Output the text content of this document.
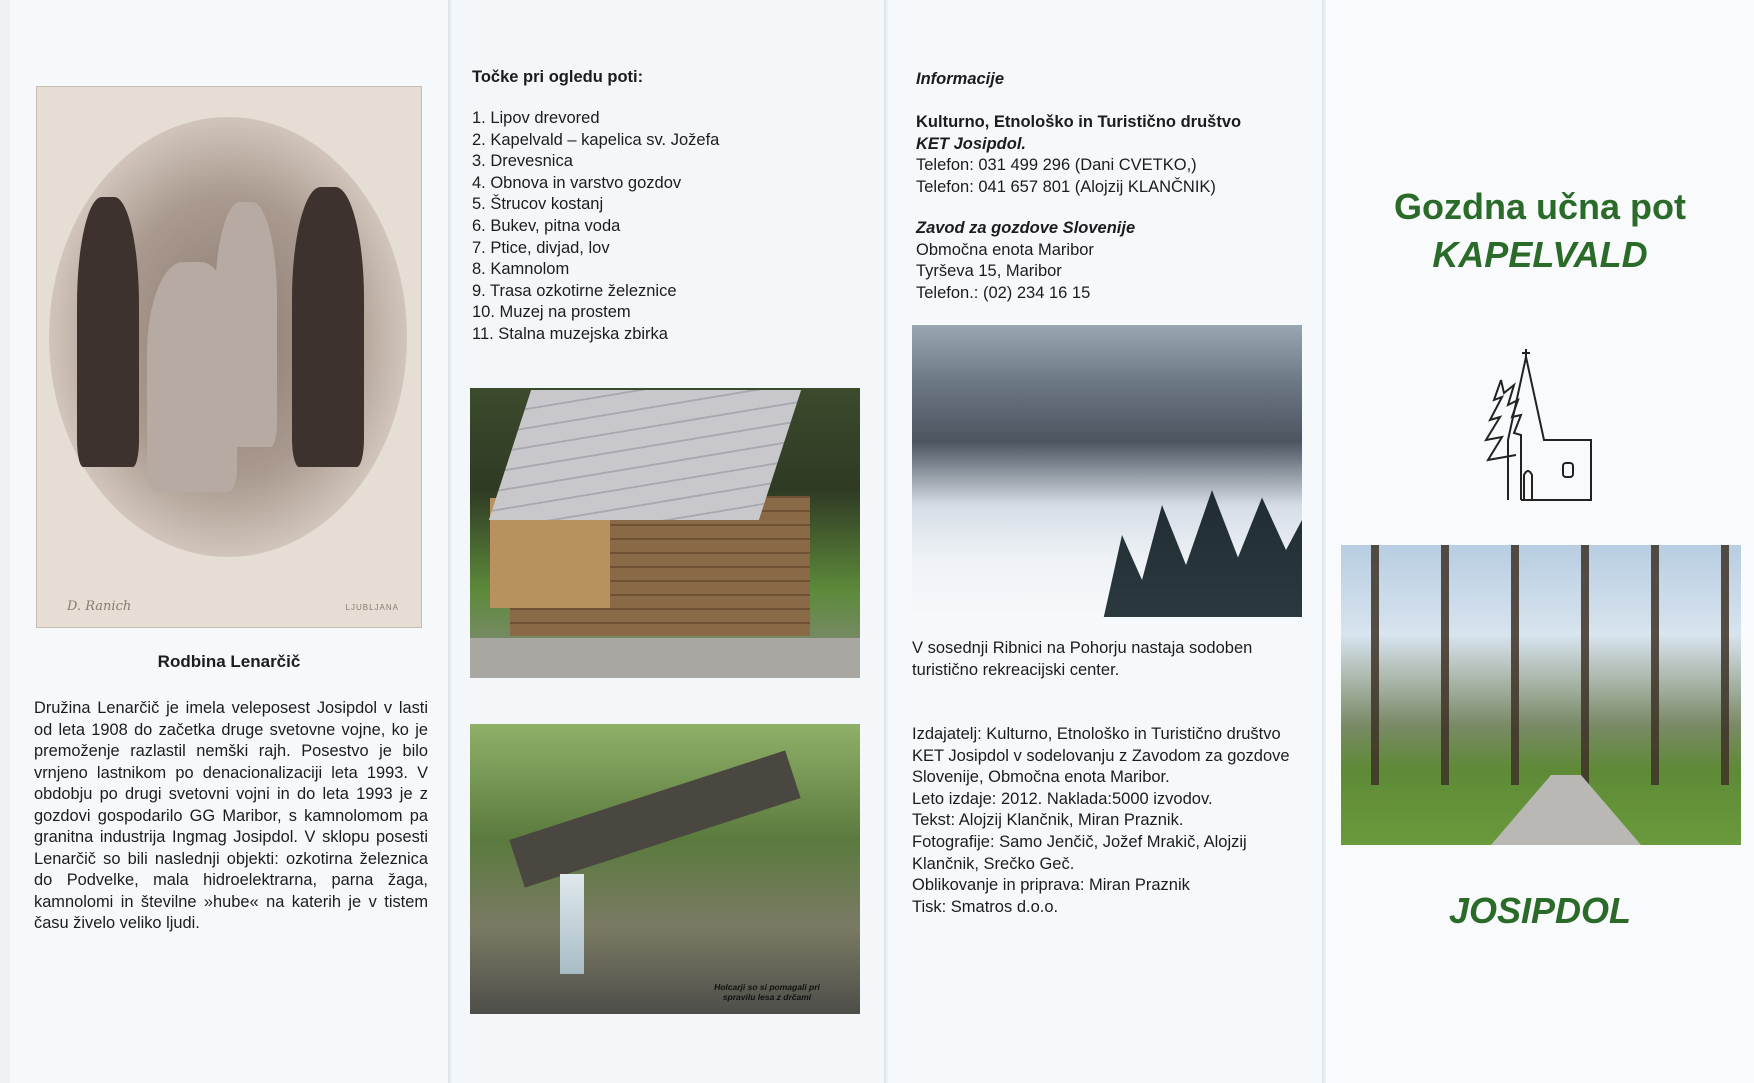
D. Ranich	LJUBLJANA
Rodbina Lenarčič
Družina Lenarčič je imela veleposest Josipdol v lasti od leta 1908 do začetka druge svetovne vojne, ko je premoženje razlastil nemški rajh. Posestvo je bilo vrnjeno lastnikom po denacionalizaciji leta 1993. V obdobju po drugi svetovni vojni in do leta 1993 je z gozdovi gospodarilo GG Maribor, s kamnolomom pa granitna industrija Ingmag Josipdol. V sklopu posesti Lenarčič so bili naslednji objekti: ozkotirna železnica do Podvelke, mala hidroelektrarna, parna žaga, kamnolomi in številne »hube« na katerih je v tistem času živelo veliko ljudi.
Točke pri ogledu poti:
1. Lipov drevored
2. Kapelvald – kapelica sv. Jožefa
3. Drevesnica
4. Obnova in varstvo gozdov
5. Štrucov kostanj
6. Bukev, pitna voda
7. Ptice, divjad, lov
8. Kamnolom
9. Trasa ozkotirne železnice
10. Muzej na prostem
11. Stalna muzejska zbirka
Holcarji so si pomagali pri
spravilu lesa z drčami
Informacije
Kulturno, Etnološko in Turistično društvo
KET Josipdol.
Telefon: 031 499 296 (Dani CVETKO,)
Telefon: 041 657 801 (Alojzij KLANČNIK)
Zavod za gozdove Slovenije
Območna enota Maribor
Tyrševa 15, Maribor
Telefon.: (02) 234 16 15
V sosednji Ribnici na Pohorju nastaja sodoben turistično rekreacijski center.
Izdajatelj: Kulturno, Etnološko in Turistično društvo KET Josipdol v sodelovanju z Zavodom za gozdove Slovenije, Območna enota Maribor.
Leto izdaje: 2012. Naklada:5000 izvodov.
Tekst: Alojzij Klančnik, Miran Praznik.
Fotografije: Samo Jenčič, Jožef Mrakič, Alojzij Klančnik, Srečko Geč.
Oblikovanje in priprava: Miran Praznik
Tisk: Smatros d.o.o.
Gozdna učna pot
KAPELVALD
JOSIPDOL
